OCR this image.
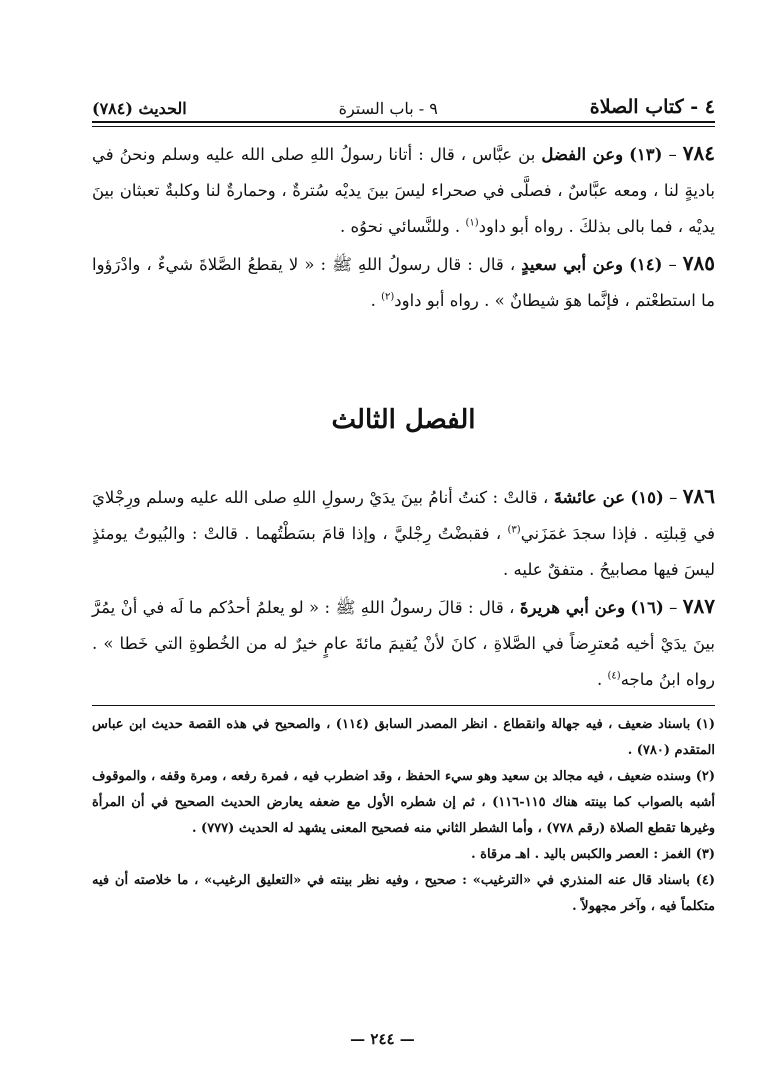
٤ - كتاب الصلاة
٩ - باب السترة
الحديث (٧٨٤)

٧٨٤ – (١٣) وعن الفضل بن عبَّاس ، قال : أتانا رسولُ اللهِ صلى الله عليه وسلم ونحنُ في باديةٍ لنا ، ومعه عبَّاسٌ ، فصلَّى في صحراء ليسَ بينَ يديْه سُترةٌ ، وحمارةٌ لنا وكلبةٌ تعبثان بينَ يديْه ، فما بالى بذلكَ . رواه أبو داود$^{(١)}$ . وللنَّسائي نحوُه .

٧٨٥ – (١٤) وعن أبي سعيدٍ ، قال : قال رسولُ اللهِ ﷺ : « لا يقطعُ الصَّلاةَ شيءٌ ، وادْرَؤوا ما استطعْتم ، فإنَّما هوَ شيطانٌ » . رواه أبو داود$^{(٢)}$ .

الفصل الثالث

٧٨٦ – (١٥) عن عائشةَ ، قالتْ : كنتُ أنامُ بينَ يدَيْ رسولِ اللهِ صلى الله عليه وسلم ورِجْلايَ في قِبلتِه . فإذا سجدَ غمَزَني$^{(٣)}$ ، فقبضْتُ رِجْليَّ ، وإذا قامَ بسَطْتُهما . قالتْ : والبُيوتُ يومئذٍ ليسَ فيها مصابيحُ . متفقٌ عليه .

٧٨٧ – (١٦) وعن أبي هريرةَ ، قال : قالَ رسولُ اللهِ ﷺ : « لو يعلمُ أحدُكم ما لَه في أنْ يمُرَّ بينَ يدَيْ أخيه مُعترِضاً في الصَّلاةِ ، كانَ لأنْ يُقيمَ مائةَ عامٍ خيرٌ له من الخُطوةِ التي خَطا » . رواه ابنُ ماجه$^{(٤)}$ .

(١) باسناد ضعيف ، فيه جهالة وانقطاع . انظر المصدر السابق (١١٤) ، والصحيح في هذه القصة حديث ابن عباس المتقدم (٧٨٠) .

(٢) وسنده ضعيف ، فيه مجالد بن سعيد وهو سيء الحفظ ، وقد اضطرب فيه ، فمرة رفعه ، ومرة وقفه ، والموقوف أشبه بالصواب كما بينته هناك ١١٥-١١٦) ، ثم إن شطره الأول مع ضعفه يعارض الحديث الصحيح في أن المرأة وغيرها تقطع الصلاة (رقم ٧٧٨) ، وأما الشطر الثاني منه فصحيح المعنى يشهد له الحديث (٧٧٧) .

(٣) الغمز : العصر والكبس باليد . اهـ مرقاة .

(٤) باسناد قال عنه المنذري في «الترغيب» : صحيح ، وفيه نظر بينته في «التعليق الرغيب» ، ما خلاصته أن فيه متكلماً فيه ، وآخر مجهولاً .

— ٢٤٤ —
